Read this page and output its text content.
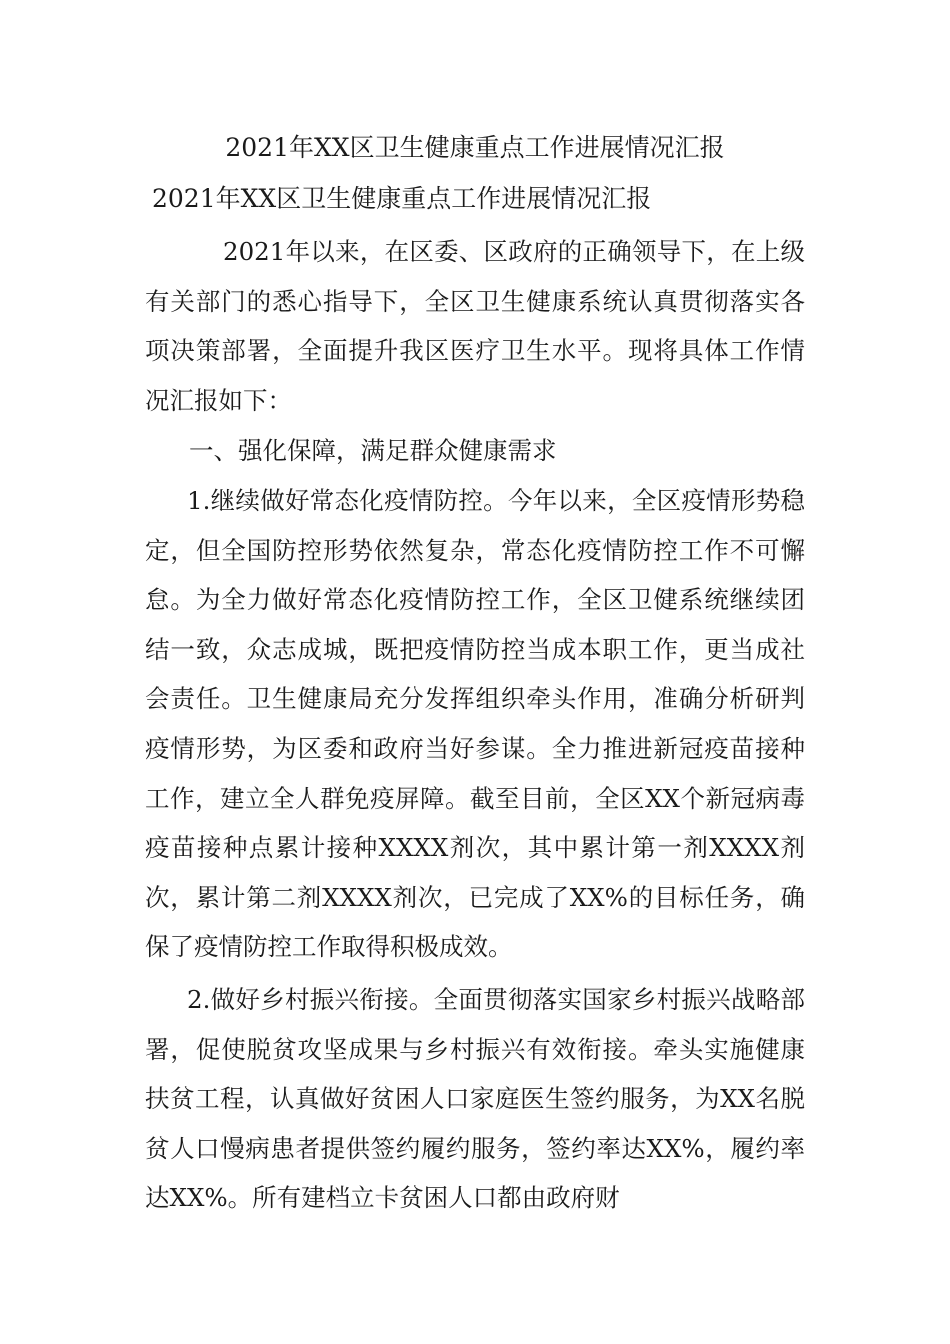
2021年XX区卫生健康重点工作进展情况汇报
2021年XX区卫生健康重点工作进展情况汇报

2021年以来，在区委、区政府的正确领导下，在上级有关部门的悉心指导下，全区卫生健康系统认真贯彻落实各项决策部署，全面提升我区医疗卫生水平。现将具体工作情况汇报如下：

一、强化保障，满足群众健康需求

1.继续做好常态化疫情防控。今年以来，全区疫情形势稳定，但全国防控形势依然复杂，常态化疫情防控工作不可懈怠。为全力做好常态化疫情防控工作，全区卫健系统继续团结一致，众志成城，既把疫情防控当成本职工作，更当成社会责任。卫生健康局充分发挥组织牵头作用，准确分析研判疫情形势，为区委和政府当好参谋。全力推进新冠疫苗接种工作，建立全人群免疫屏障。截至目前，全区XX个新冠病毒疫苗接种点累计接种XXXX剂次，其中累计第一剂XXXX剂次，累计第二剂XXXX剂次，已完成了XX%的目标任务，确保了疫情防控工作取得积极成效。

2.做好乡村振兴衔接。全面贯彻落实国家乡村振兴战略部署，促使脱贫攻坚成果与乡村振兴有效衔接。牵头实施健康扶贫工程，认真做好贫困人口家庭医生签约服务，为XX名脱贫人口慢病患者提供签约履约服务，签约率达XX%，履约率达XX%。所有建档立卡贫困人口都由政府财
